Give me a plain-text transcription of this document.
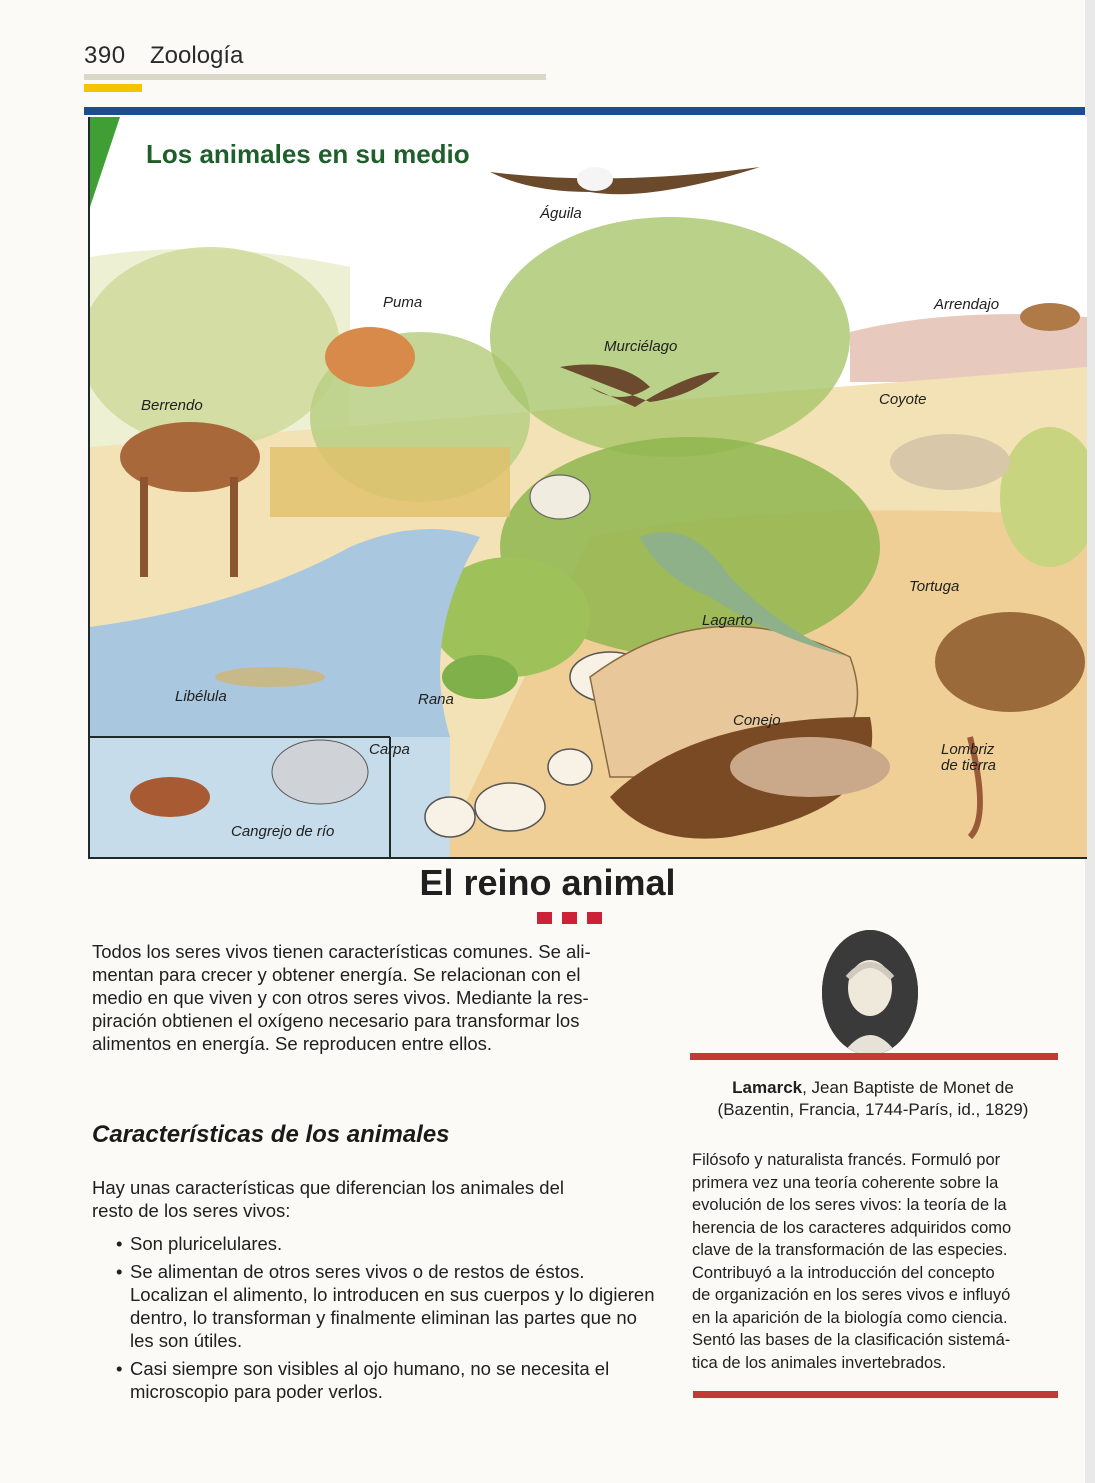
390 Zoología
Los animales en su medio
Águila
Puma	Arrendajo
Murciélago
Berrendo	Coyote
Tortuga
Lagarto
Libélula	Rana
Conejo
Carpa	Lombriz
de tierra
Cangrejo de río
El reino animal
Todos los seres vivos tienen características comunes. Se ali-
mentan para crecer y obtener energía. Se relacionan con el
medio en que viven y con otros seres vivos. Mediante la res-
piración obtienen el oxígeno necesario para transformar los
alimentos en energía. Se reproducen entre ellos.
Características de los animales
Hay unas características que diferencian los animales del
resto de los seres vivos:
• Son pluricelulares.
• Se alimentan de otros seres vivos o de restos de éstos. Localizan el alimento, lo introducen en sus cuerpos y lo digieren dentro, lo transforman y finalmente eliminan las partes que no les son útiles.
• Casi siempre son visibles al ojo humano, no se necesita el microscopio para poder verlos.
Lamarck, Jean Baptiste de Monet de
(Bazentin, Francia, 1744-París, id., 1829)
Filósofo y naturalista francés. Formuló por
primera vez una teoría coherente sobre la
evolución de los seres vivos: la teoría de la
herencia de los caracteres adquiridos como
clave de la transformación de las especies.
Contribuyó a la introducción del concepto
de organización en los seres vivos e influyó
en la aparición de la biología como ciencia.
Sentó las bases de la clasificación sistemá-
tica de los animales invertebrados.
